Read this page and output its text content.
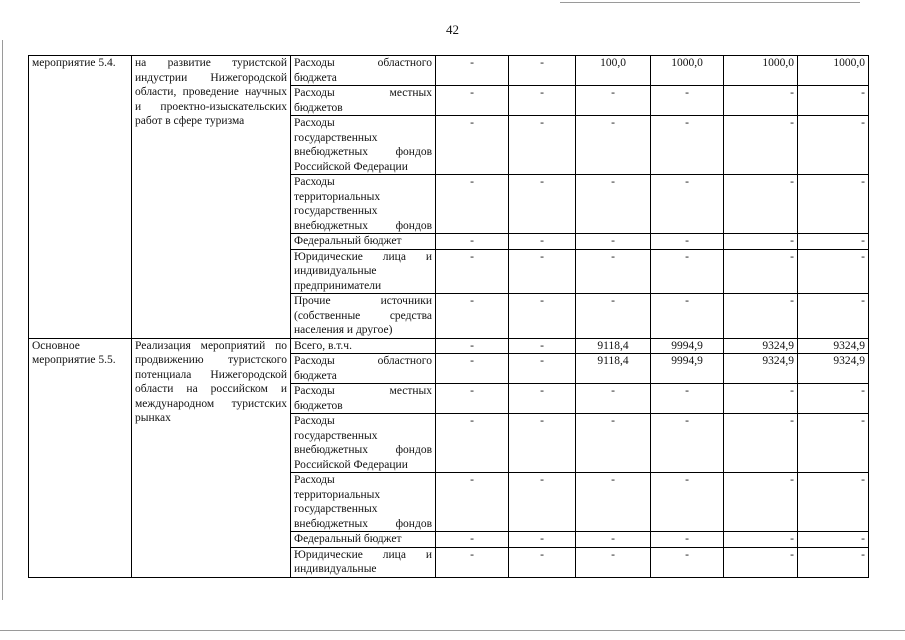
42
мероприятие 5.4.	на развитие туристской индустрии Нижегородской области, проведение научных и проектно-изыскательских работ в сфере туризма	Расходы областного
бюджета	-	-	100,0	1000,0	1000,0	1000,0

		Расходы местных
бюджетов	-	-	-	-	-	-

		Расходы
государственных
внебюджетных фондов
Российской Федерации	-	-	-	-	-	-

		Расходы
территориальных
государственных
внебюджетных фондов	-	-	-	-	-	-
		Федеральный бюджет	-	-	-	-	-	-

		Юридические лица и
индивидуальные
предприниматели	-	-	-	-	-	-

		Прочие источники
(собственные средства
населения и другое)	-	-	-	-	-	-
Основное мероприятие 5.5.	Реализация мероприятий по продвижению туристского потенциала Нижегородской области на российском и международном туристских рынках	Всего, в.т.ч.	-	-	9118,4	9994,9	9324,9	9324,9

		Расходы областного
бюджета	-	-	9118,4	9994,9	9324,9	9324,9

		Расходы местных
бюджетов	-	-	-	-	-	-

		Расходы
государственных
внебюджетных фондов
Российской Федерации	-	-	-	-	-	-

		Расходы
территориальных
государственных
внебюджетных фондов	-	-	-	-	-	-
		Федеральный бюджет	-	-	-	-	-	-

		Юридические лица и
индивидуальные	-	-	-	-	-	-
